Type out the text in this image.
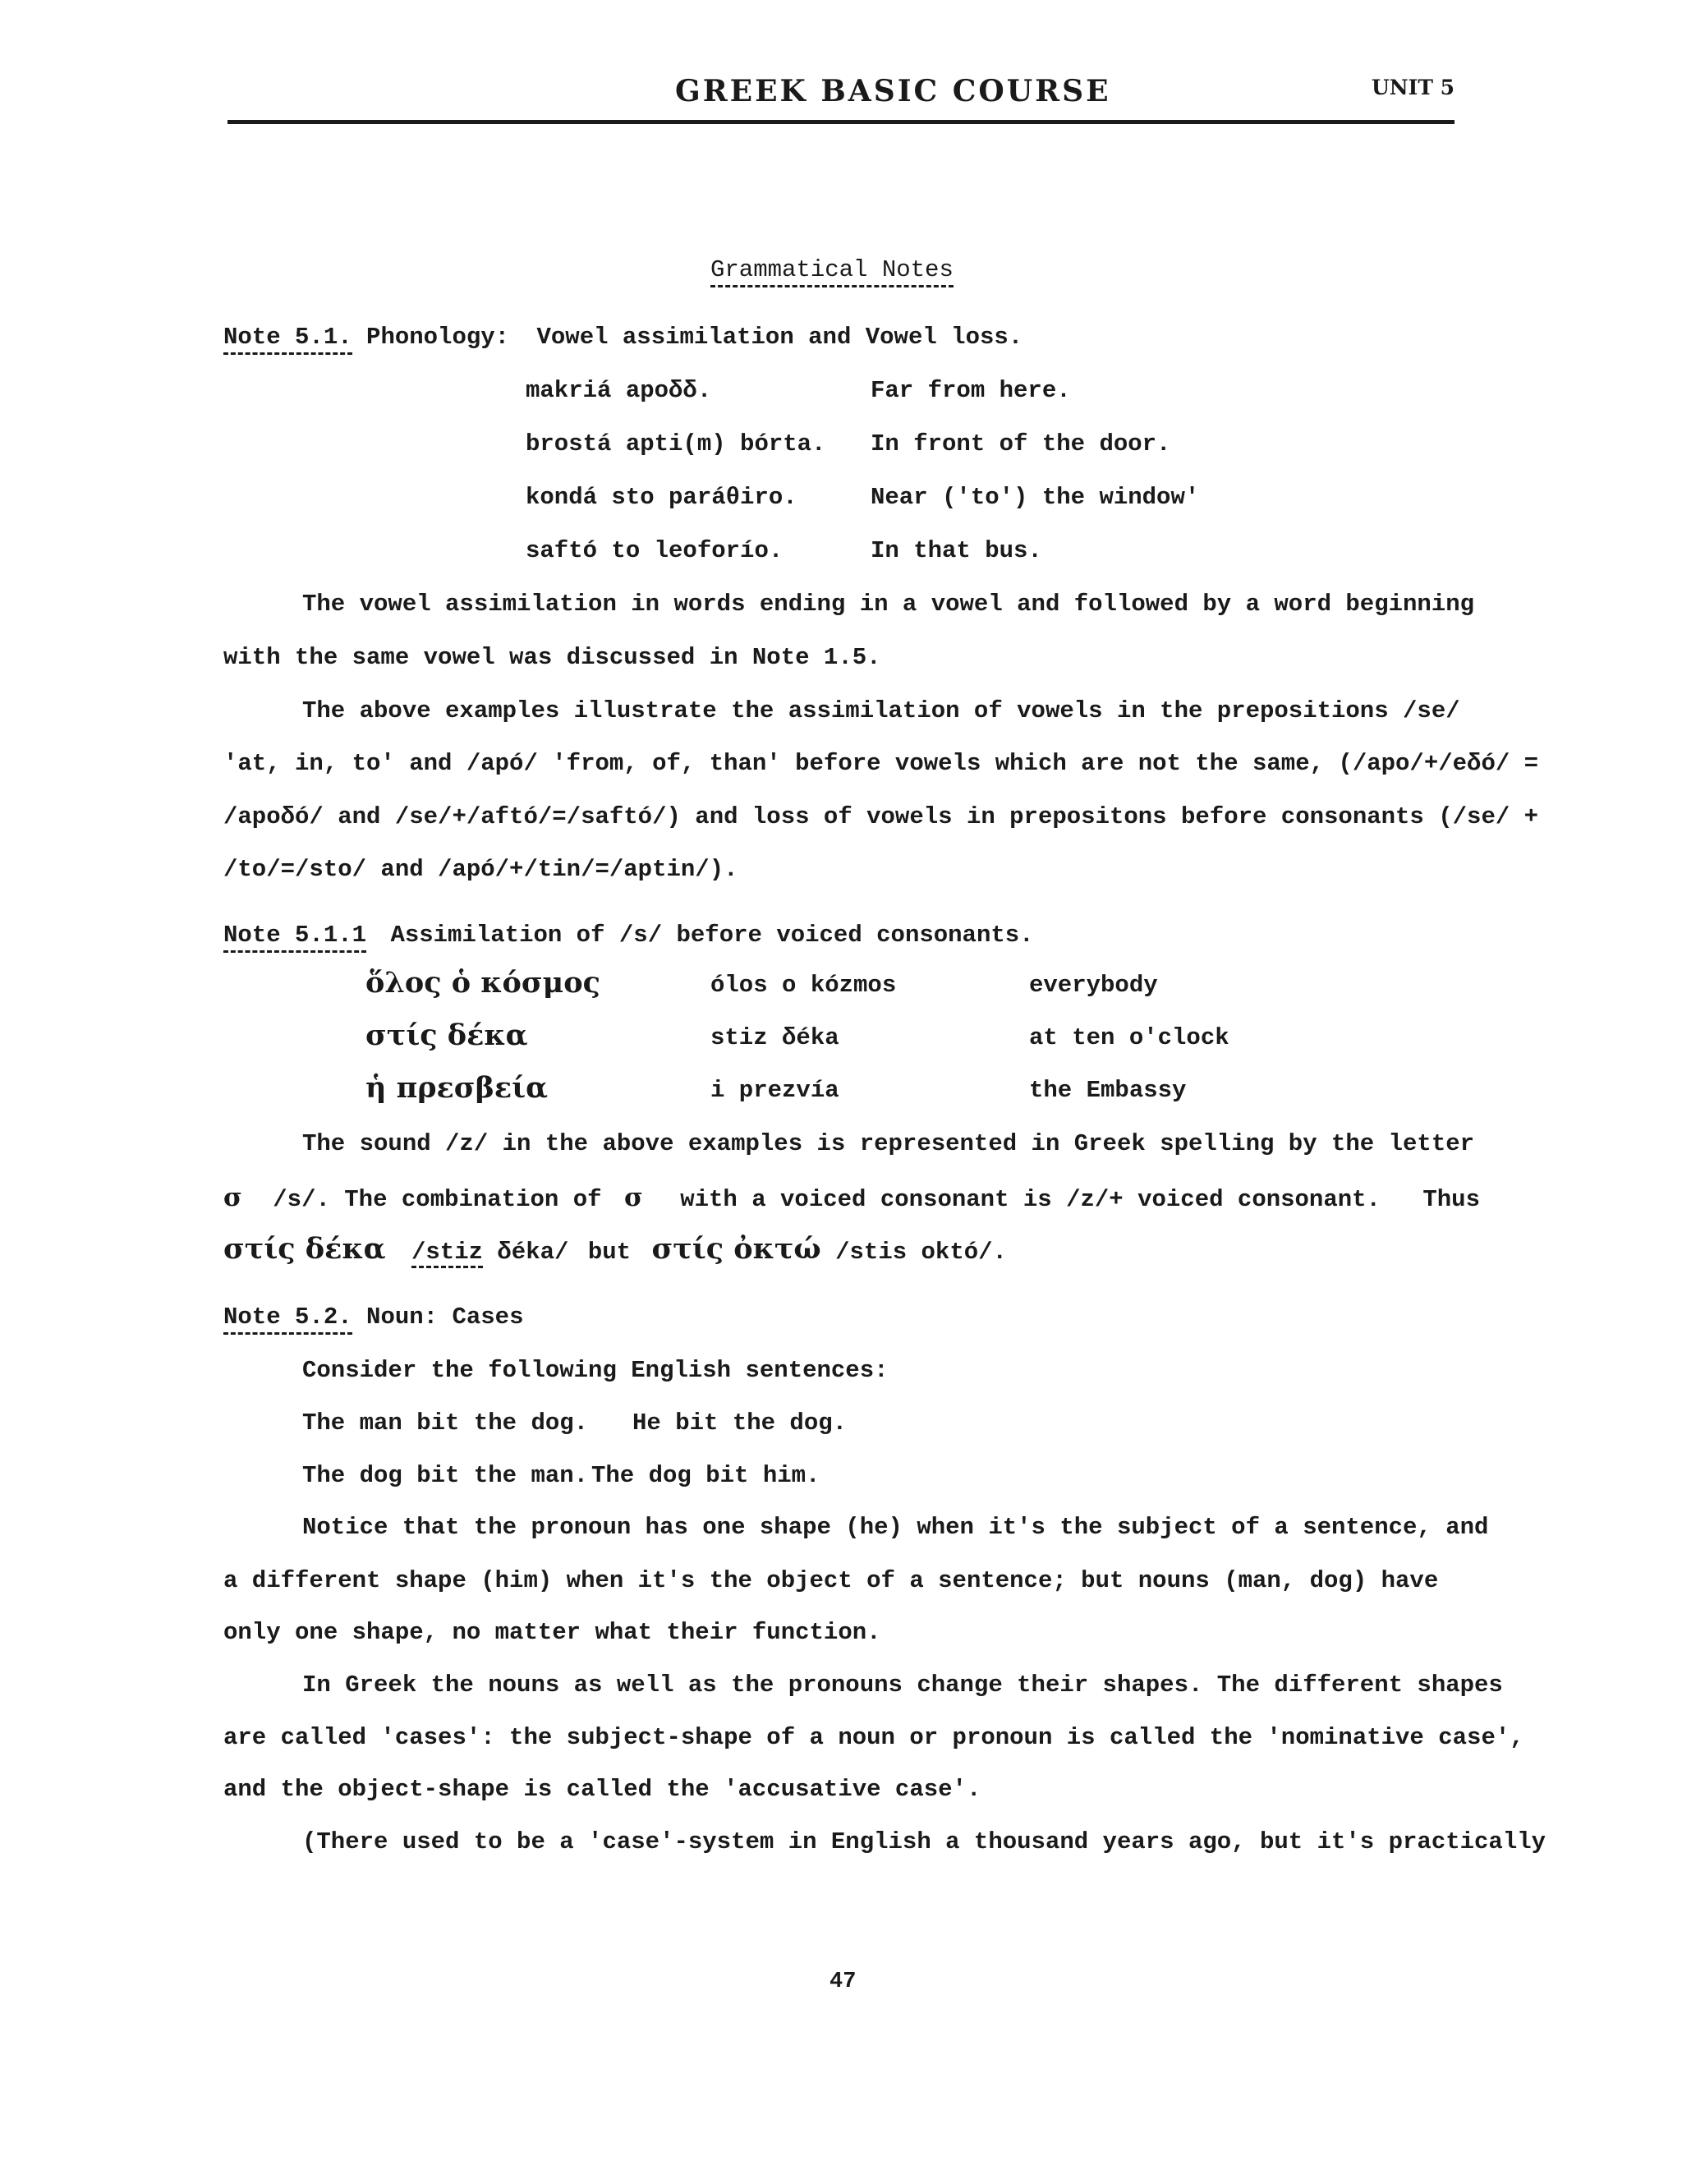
GREEK BASIC COURSE	UNIT 5
Grammatical Notes
Note 5.1. Phonology: Vowel assimilation and Vowel loss.
makriá apoδδ.	Far from here.
brostá apti(m) bórta. In front of the door.
kondá sto paráθiro.	Near ('to') the window'
saftó to leoforío.	In that bus.
The vowel assimilation in words ending in a vowel and followed by a word beginning
with the same vowel was discussed in Note 1.5.
The above examples illustrate the assimilation of vowels in the prepositions /se/
'at, in, to' and /apó/ 'from, of, than' before vowels which are not the same, (/apo/+/eδó/ =
/apoδó/ and /se/+/aftó/=/saftó/) and loss of vowels in prepositons before consonants (/se/ +
/to/=/sto/ and /apó/+/tin/=/aptin/).
Note 5.1.1 Assimilation of /s/ before voiced consonants.
ὅλος ὁ κόσμος	ólos o kózmos	everybody
στίς δέκα	stiz δéka	at ten o'clock
ἡ πρεσβεία	i prezvía	the Embassy
The sound /z/ in the above examples is represented in Greek spelling by the letter
σ /s/. The combination of σ with a voiced consonant is /z/+ voiced consonant. Thus
στίς δέκα /stiz δéka/ but στίς ὀκτώ /stis októ/.
Note 5.2. Noun: Cases
Consider the following English sentences:
The man bit the dog. He bit the dog.
The dog bit the man. The dog bit him.
Notice that the pronoun has one shape (he) when it's the subject of a sentence, and
a different shape (him) when it's the object of a sentence; but nouns (man, dog) have
only one shape, no matter what their function.
In Greek the nouns as well as the pronouns change their shapes. The different shapes
are called 'cases': the subject-shape of a noun or pronoun is called the 'nominative case',
and the object-shape is called the 'accusative case'.
(There used to be a 'case'-system in English a thousand years ago, but it's practically
47
